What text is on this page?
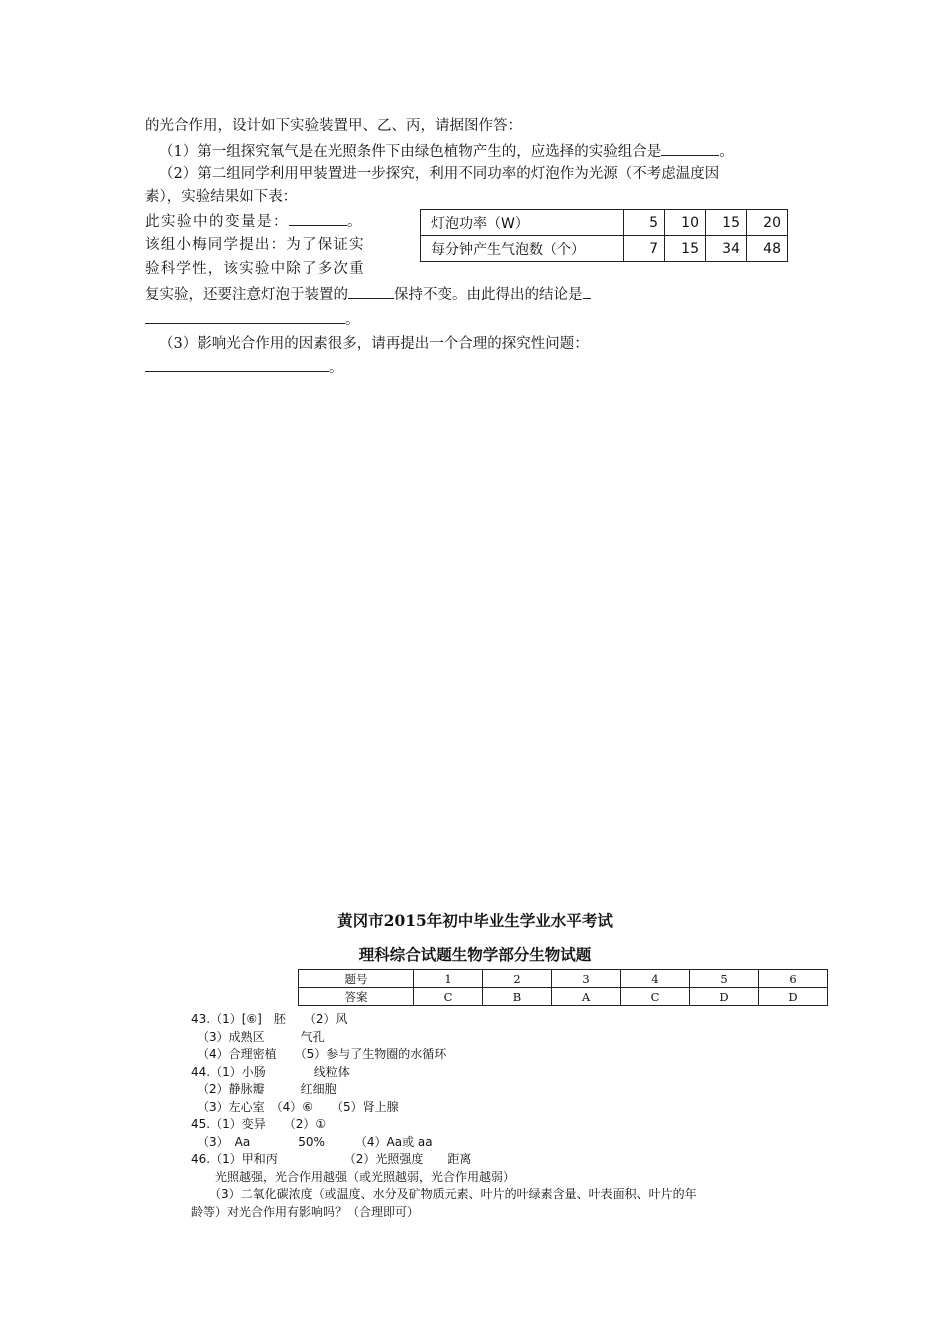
的光合作用，设计如下实验装置甲、乙、丙，请据图作答：
（1）第一组探究氧气是在光照条件下由绿色植物产生的，应选择的实验组合是	。
（2）第二组同学利用甲装置进一步探究，利用不同功率的灯泡作为光源（不考虑温度因
素），实验结果如下表：
此实验中的变量是：	。
该组小梅同学提出：为了保证实
验科学性，该实验中除了多次重
复实验，还要注意灯泡于装置的	保持不变。由此得出的结论是
。
（3）影响光合作用的因素很多，请再提出一个合理的探究性问题：
。
灯泡功率（W）	5	10	15	20
每分钟产生气泡数（个）	7	15	34	48
黄冈市2015年初中毕业生学业水平考试
理科综合试题生物学部分生物试题
题号	1	2	3	4	5	6
答案	C	B	A	C	D	D
43.（1）[⑥]　胚　　（2）风
　（3）成熟区　　　气孔
　（4）合理密植　　（5）参与了生物圈的水循环
44.（1）小肠　　　　线粒体
　（2）静脉瓣　　　红细胞
　（3）左心室　（4）⑥　　（5）肾上腺
45.（1）变异　　（2）①
　（3）　Aa　　　　50%　　　（4）Aa或 aa
46.（1）甲和丙　　　　　　（2）光照强度　　距离
　　光照越强，光合作用越强（或光照越弱，光合作用越弱）
　　（3）二氧化碳浓度（或温度、水分及矿物质元素、叶片的叶绿素含量、叶表面积、叶片的年
龄等）对光合作用有影响吗？（合理即可）
